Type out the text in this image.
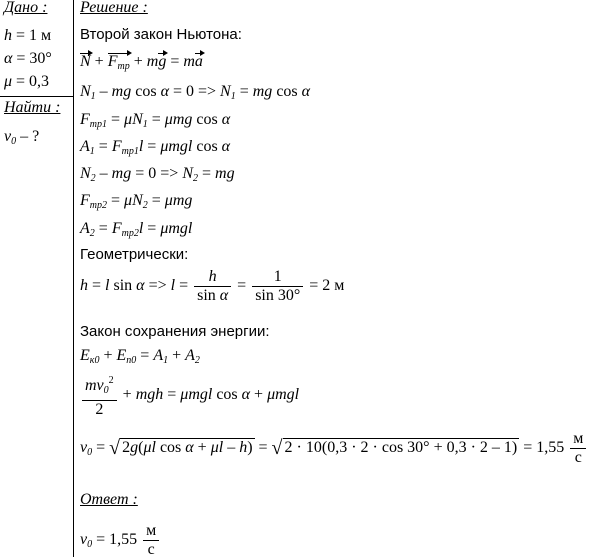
Дано :
h = 1 м
α = 30°
μ = 0,3
Найти :
$v_0$ – ?
Решение :
Второй закон Ньютона:
$N + F_{тр}$ + mg = ma
$N_1$ – mg $\cos \alpha = 0 => N_1$ = mg cos α
$F_{тр1} = \mu N_1 = \mu mg$ cos α
$A_1 = F_{тр1}l = \mu mgl$ cos α
$N_2$ – mg = $0 => N_2$ = mg
$F_{тр2} = \mu N_2 = \mu mg$
$A_2 = F_{тр2}l = \mu mgl$
Геометрически:
h = l $\sin \alpha => l = \frac{h}{\text{sin α}} = \frac{1}{\sin 30^\circ} = 2$ м
Закон сохранения энергии:
$E_{к0} + E_{п0} = A_1 + A_2$
$\frac{mv_0^2}{2}$ + mgh = μmgl cos α + μmgl
$v_0$ = √ 2g(μl cos α + μl – h) = √ $2 \cdot 10(0,3 \cdot 2 \cdot \cos 30^\circ + 0,3 \cdot 2 - 1) = 1,55 \frac{м}{с}$
Ответ :
$v_0 = 1,55 \frac{м}{с}$
